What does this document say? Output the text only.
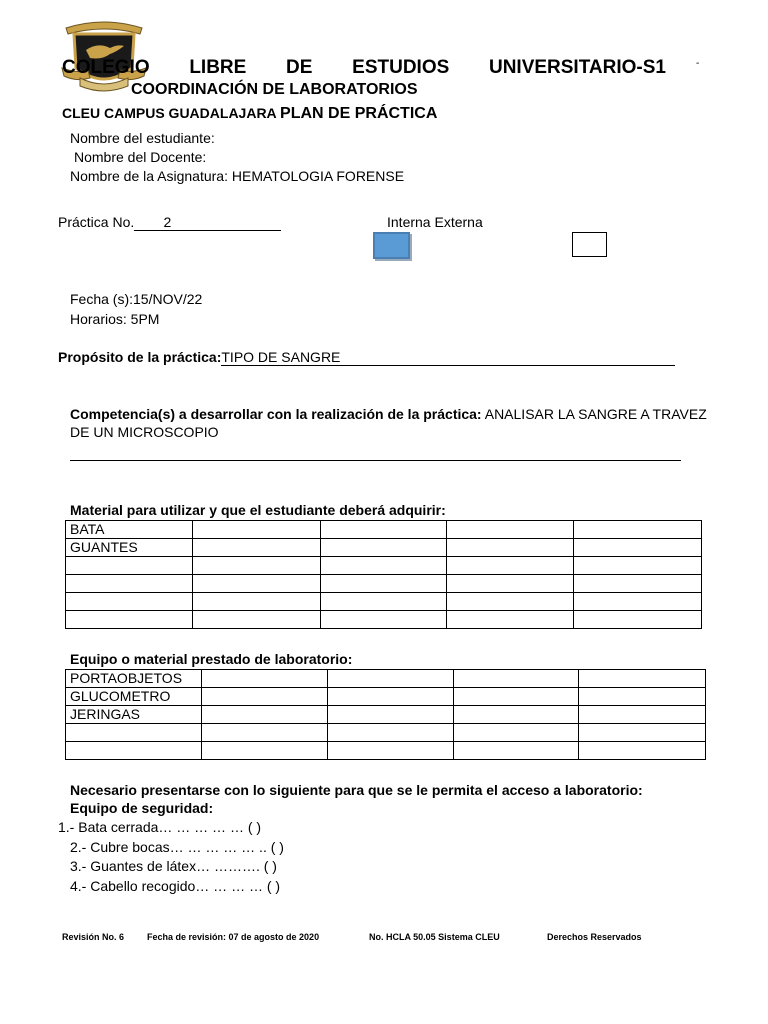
COLEGIO LIBRE DE ESTUDIOS UNIVERSITARIO-S1	-
COORDINACIÓN DE LABORATORIOS
CLEU CAMPUS GUADALAJARA PLAN DE PRÁCTICA
Nombre del estudiante:
Nombre del Docente:
Nombre de la Asignatura: HEMATOLOGIA FORENSE
Práctica No. 2	Interna Externa
Fecha (s):15/NOV/22
Horarios: 5PM
Propósito de la práctica:TIPO DE SANGRE
Competencia(s) a desarrollar con la realización de la práctica: ANALISAR LA SANGRE A TRAVEZ DE UN MICROSCOPIO
Material para utilizar y que el estudiante deberá adquirir:
BATA				
GUANTES				

Equipo o material prestado de laboratorio:
PORTAOBJETOS				
GLUCOMETRO				
JERINGAS				

Necesario presentarse con lo siguiente para que se le permita el acceso a laboratorio:
Equipo de seguridad:
1.- Bata cerrada… … … … … ( )
2.- Cubre bocas… … … … … .. ( )
3.- Guantes de látex… ………. ( )
4.- Cabello recogido… … … … ( )
Revisión No. 6	Fecha de revisión: 07 de agosto de 2020	No. HCLA 50.05 Sistema CLEU	Derechos Reservados
